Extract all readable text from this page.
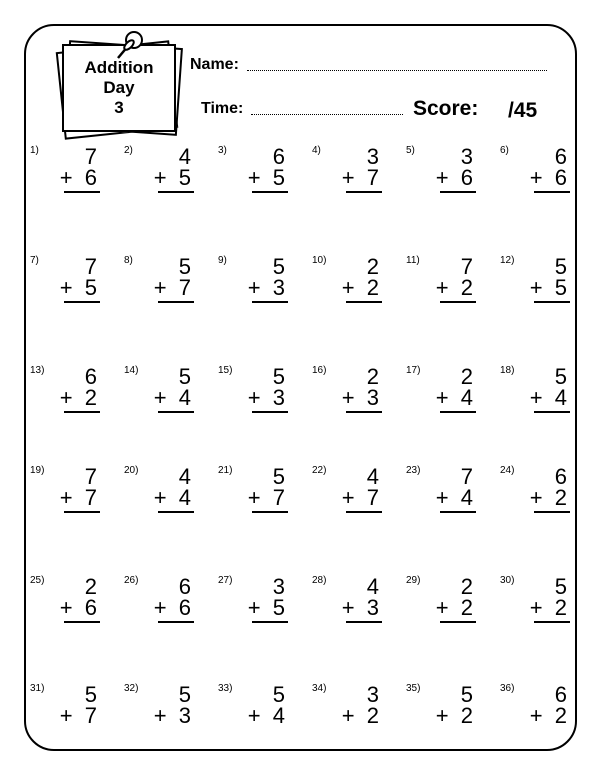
Addition
Day
3
Name:
Time:	Score: /45
1) 7
+  6
2) 4
+  5
3) 6
+  5
4) 3
+  7
5) 3
+  6
6) 6
+  6
7) 7
+  5
8) 5
+  7
9) 5
+  3
10) 2
+  2
11) 7
+  2
12) 5
+  5
13) 6
+  2
14) 5
+  4
15) 5
+  3
16) 2
+  3
17) 2
+  4
18) 5
+  4
19) 7
+  7
20) 4
+  4
21) 5
+  7
22) 4
+  7
23) 7
+  4
24) 6
+  2
25) 2
+  6
26) 6
+  6
27) 3
+  5
28) 4
+  3
29) 2
+  2
30) 5
+  2
31) 5
+  7
32) 5
+  3
33) 5
+  4
34) 3
+  2
35) 5
+  2
36) 6
+  2
